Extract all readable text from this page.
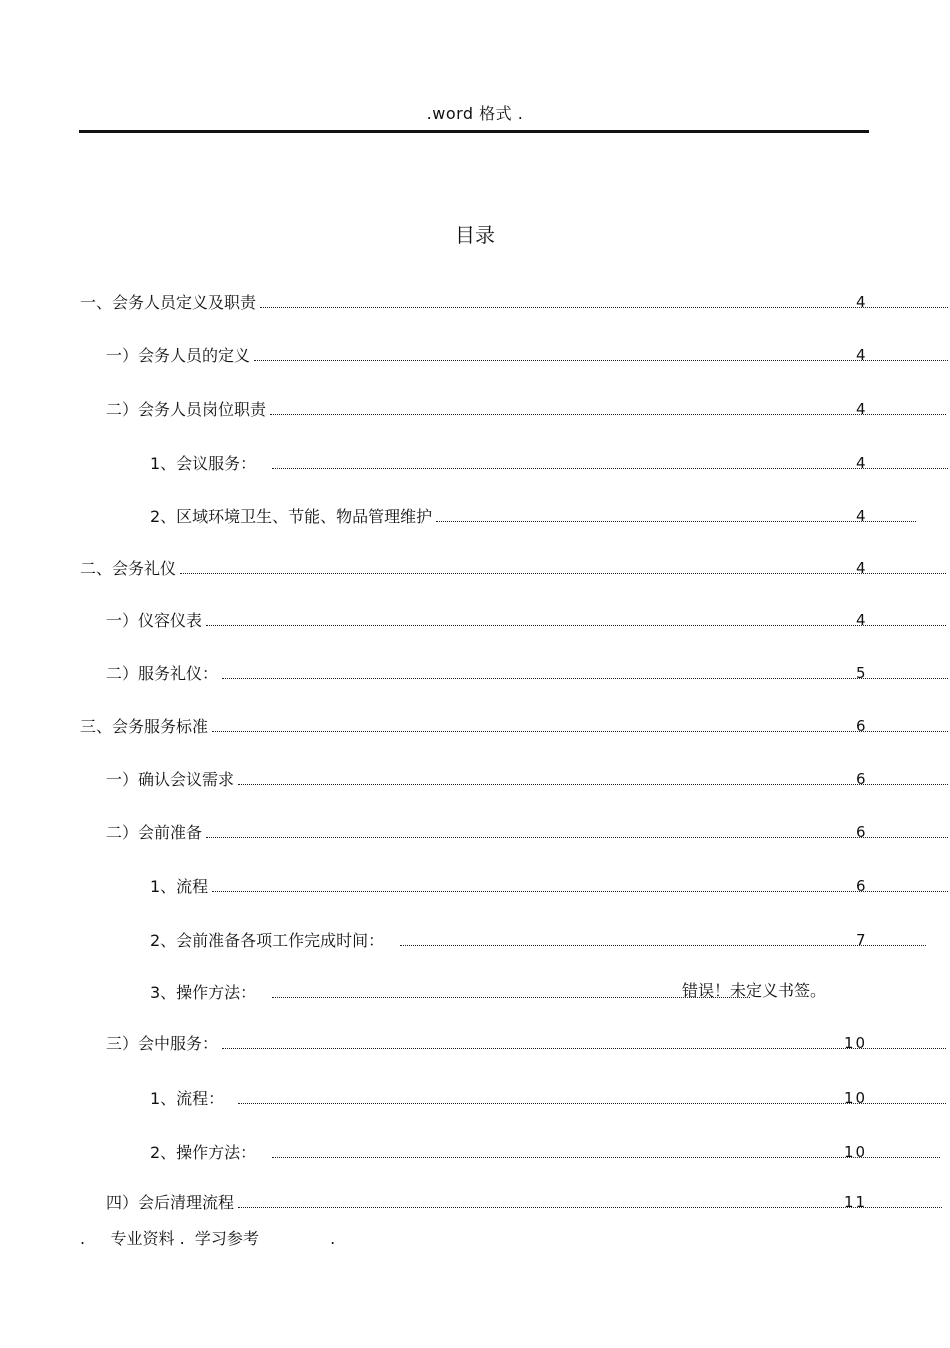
.word 格式 .
目录
一、会务人员定义及职责	4
一）会务人员的定义	4
二）会务人员岗位职责	4
1、会议服务：	4
2、区域环境卫生、节能、物品管理维护	4
二、会务礼仪	4
一）仪容仪表	4
二）服务礼仪：	5
三、会务服务标准	6
一）确认会议需求	6
二）会前准备	6
1、流程	6
2、会前准备各项工作完成时间：	7
3、操作方法：	错误！未定义书签。
三）会中服务：	10
1、流程：	10
2、操作方法：	10
四）会后清理流程	11
.     专业资料 .  学习参考              .
